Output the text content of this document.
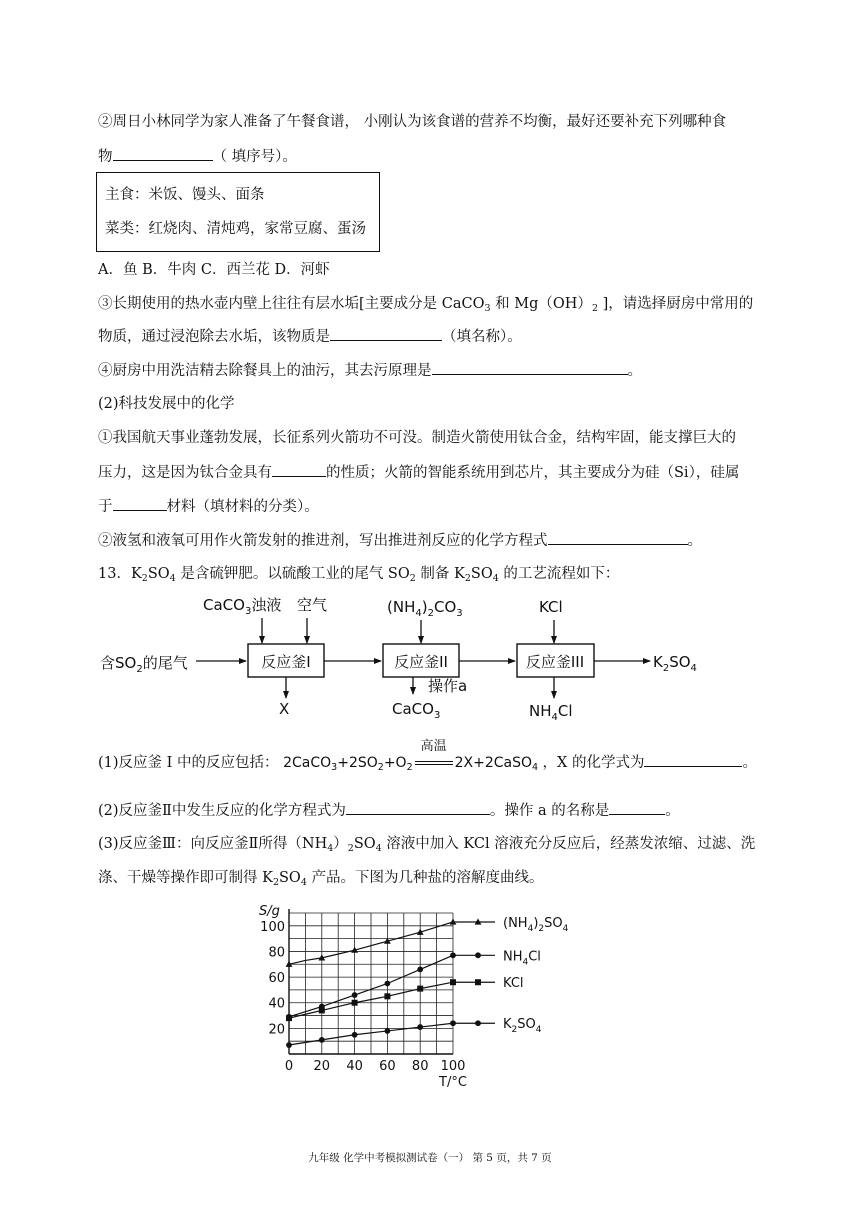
②周日小林同学为家人准备了午餐食谱， 小刚认为该食谱的营养不均衡，最好还要补充下列哪种食
物	（ 填序号）。
主食：米饭、馒头、面条
菜类：红烧肉、清炖鸡，家常豆腐、蛋汤
A．鱼 B．牛肉 C．西兰花 D．河虾
③长期使用的热水壶内壁上往往有层水垢[主要成分是 CaCO$_3$ 和 $Mg(OH)_2$ ]，请选择厨房中常用的
物质，通过浸泡除去水垢，该物质是	（填名称）。
④厨房中用洗洁精去除餐具上的油污，其去污原理是	。
(2)科技发展中的化学
①我国航天事业蓬勃发展，长征系列火箭功不可没。制造火箭使用钛合金，结构牢固，能支撑巨大的
压力，这是因为钛合金具有	的性质；火箭的智能系统用到芯片，其主要成分为硅（Si），硅属
于	材料（填材料的分类）。
②液氢和液氧可用作火箭发射的推进剂，写出推进剂反应的化学方程式	。
13．$K_2SO_4$ 是含硫钾肥。以硫酸工业的尾气 $SO_2$ 制备 $K_2SO_4$ 的工艺流程如下：
CaCO$_3$浊液 空气	$(NH_4)_2CO_3$	KCl
含$SO_2$的尾气	反应釜I	反应釜II	反应釜III	$K_2SO_4$
X
操作a
CaCO$_3$	$NH_4Cl$
(1)反应釜 I 中的反应包括： $2CaCO_3+2SO_2+O_2$
高温
2X+2CaSO$_4$ ，X 的化学式为	。
(2)反应釜Ⅱ中发生反应的化学方程式为	。操作 a 的名称是	。
(3)反应釜Ⅲ：向反应釜Ⅱ所得$(NH_4)_2SO_4$ 溶液中加入 KCl 溶液充分反应后，经蒸发浓缩、过滤、洗
涤、干燥等操作即可制得 $K_2SO_4$ 产品。下图为几种盐的溶解度曲线。
0 20 40 60 80 100
20
40
60
80
100
S/g
T/°C
$(NH_4)_2SO_4$
$NH_4Cl$
KCl
$K_2SO_4$
九年级 化学中考模拟测试卷（一） 第 5 页，共 7 页
